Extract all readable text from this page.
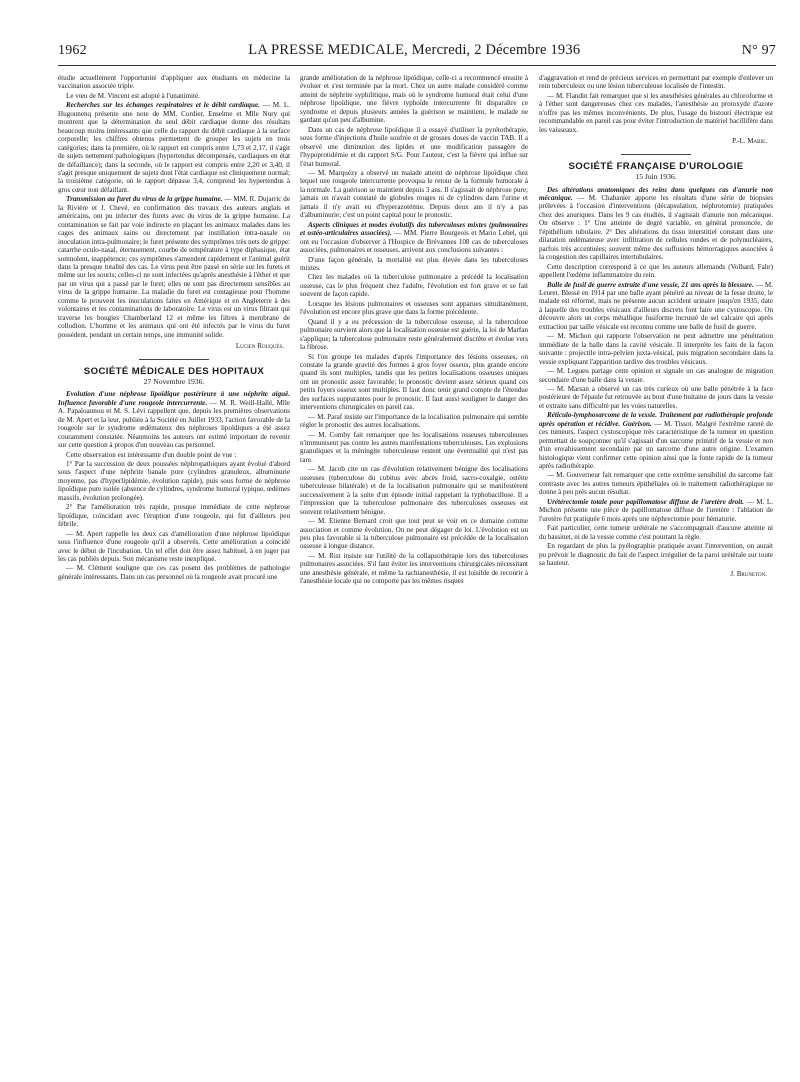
1962	LA PRESSE MEDICALE, Mercredi, 2 Décembre 1936	N° 97

étudie actuellement l'opportunité d'appliquer aux étudiants en médecine la vaccination associée triple.

Le vœu de M. Vincent est adopté à l'unanimité.

Recherches sur les échanges respiratoires et le débit cardiaque. — M. L. Hugounenq présente une note de MM. Cordier, Enselme et Mlle Nury qui montrent que la détermination du seul débit cardiaque donne des résultats beaucoup moins intéressants que celle du rapport du débit cardiaque à la surface corporelle; les chiffres obtenus permettent de grouper les sujets en trois catégories; dans la première, où le rapport est compris entre 1,73 et 2,17, il s'agit de sujets nettement pathologiques (hypertendus décompensés, cardiaques en état de défaillance); dans la seconde, où le rapport est compris entre 2,20 et 3,40, il s'agit presque uniquement de sujets dont l'état cardiaque est cliniquement normal; la troisième catégorie, où le rapport dépasse 3,4, comprend les hypertendus à gros cœur non défaillant.

Transmission au furet du virus de la grippe humaine. — MM. R. Dujarric de la Rivière et J. Chevé, en confirmation des travaux des auteurs anglais et américains, ont pu infecter des furets avec du virus de la grippe humaine. La contamination se fait par voie indirecte en plaçant les animaux malades dans les cages des animaux sains ou directement par instillation intra-nasale ou inoculation intra-pulmonaire; le furet présente des symptômes très nets de grippe: catarrhe oculo-nasal, éternuement, courbe de température à type diphasique, état somnolent, inappétence; ces symptômes s'amendent rapidement et l'animal guérit dans la presque totalité des cas. Le virus peut être passé en série sur les furets et même sur les souris; celles-ci ne sont infectées qu'après anesthésie à l'éther et que par un virus qui a passé par le furet; elles ne sont pas directement sensibles au virus de la grippe humaine. La maladie du furet est contagieuse pour l'homme comme le prouvent les inoculations faites en Amérique et en Angleterre à des volontaires et les contaminations de laboratoire. Le virus est un virus filtrant qui traverse les bougies Chamberland 12 et même les filtres à membrane de collodion. L'homme et les animaux qui ont été infectés par le virus du furet possèdent, pendant un certain temps, une immunité solide.

Lucien Rouquès.

SOCIÉTÉ MÉDICALE DES HOPITAUX
27 Novembre 1936.

Evolution d'une néphrose lipoïdique postérieure à une néphrite aiguë. Influence favorable d'une rougeole intercurrente. — M. R. Weill-Hallé, Mlle A. Papaïoannou et M. S. Lévi rappellent que, depuis les premières observations de M. Apert et la leur, publiée à la Société en Juillet 1933, l'action favorable de la rougeole sur le syndrome œdémateux des néphroses lipoïdiques a été assez couramment constatée. Néanmoins les auteurs ont estimé important de revenir sur cette question à propos d'un nouveau cas personnel.

Cette observation est intéressante d'un double point de vue :

1° Par la succession de deux poussées néphropathiques ayant évolué d'abord sous l'aspect d'une néphrite banale pure (cylindres granuleux, albuminurie moyenne, pas d'hyperlipidémie, évolution rapide), puis sous forme de néphrose lipoïdique pure isolée (absence de cylindres, syndrome humoral typique, œdèmes massifs, évolution prolongée).

2° Par l'amélioration très rapide, presque immédiate de cette néphrose lipoïdique, coïncidant avec l'éruption d'une rougeole, qui fut d'ailleurs peu fébrile.

— M. Apert rappelle les deux cas d'amélioration d'une néphrose lipoïdique sous l'influence d'une rougeole qu'il a observés. Cette amélioration a coïncidé avec le début de l'incubation. Un tel effet doit être assez habituel, à en juger par les cas publiés depuis. Son mécanisme reste inexpliqué.

— M. Clément souligne que ces cas posent des problèmes de pathologie générale intéressants. Dans un cas personnel où la rougeole avait procuré une

grande amélioration de la néphrose lipoïdique, celle-ci a recommencé ensuite à évoluer et s'est terminée par la mort. Chez un autre malade considéré comme atteint de néphrite syphilitique, mais où le syndrome humoral était celui d'une néphrose lipoïdique, une fièvre typhoïde intercurrente fit disparaître ce syndrome et depuis plusieurs années la guérison se maintient, le malade ne gardant qu'un peu d'albumine.

Dans un cas de néphrose lipoïdique il a essayé d'utiliser la pyrétothérapie, sous forme d'injections d'huile soufrée et de grosses doses de vaccin TAB. Il a observé une diminution des lipides et une modification passagère de l'hypoprotidémie et du rapport S/G. Pour l'auteur, c'est la fièvre qui influe sur l'état humoral.

— M. Marquézy a observé un malade atteint de néphrose lipoïdique chez lequel une rougeole intercurrente provoqua le retour de la formule humorale à la normale. La guérison se maintient depuis 3 ans. Il s'agissait de néphrose pure; jamais on n'avait constaté de globules rouges ni de cylindres dans l'urine et jamais il n'y avait eu d'hyperazotémie. Depuis deux ans il n'y a pas d'albuminurie; c'est un point capital pour le pronostic.

Aspects cliniques et modes évolutifs des tuberculoses mixtes (pulmonaires et ostéo-articulaires associées). — MM. Pierre Bourgeois et Mario Lebel, qui ont eu l'occasion d'observer à l'Hospice de Brévannes 108 cas de tuberculoses associées, pulmonaires et osseuses, arrivent aux conclusions suivantes :

D'une façon générale, la mortalité est plus élevée dans les tuberculoses mixtes.

Chez les malades où la tuberculose pulmonaire a précédé la localisation osseuse, cas le plus fréquent chez l'adulte, l'évolution est fort grave et se fait souvent de façon rapide.

Lorsque les lésions pulmonaires et osseuses sont apparues simultanément, l'évolution est encore plus grave que dans la forme précédente.

Quand il y a eu précession de la tuberculose osseuse, si la tuberculose pulmonaire survient alors que la localisation osseuse est guérie, la loi de Marfan s'applique; la tuberculose pulmonaire reste généralement discrète et évolue vers la fibrose.

Si l'on groupe les malades d'après l'importance des lésions osseuses, on constate la grande gravité des formes à gros foyer osseux, plus grande encore quand ils sont multiples, tandis que les petites localisations osseuses uniques ont un pronostic assez favorable; le pronostic devient assez sérieux quand ces petits foyers osseux sont multiples. Il faut donc tenir grand compte de l'étendue des surfaces suppurantes pour le pronostic. Il faut aussi souligner le danger des interventions chirurgicales en pareil cas.

— M. Paraf insiste sur l'importance de la localisation pulmonaire qui semble régler le pronostic des autres localisations.

— M. Comby fait remarquer que les localisations osseuses tuberculeuses n'immunisent pas contre les autres manifestations tuberculeuses. Les explosions granuliques et la méningite tuberculeuse restent une éventualité qui n'est pas rare.

— M. Jacob cite un cas d'évolution relativement bénigne des localisations osseuses (tuberculose du cubitus avec abcès froid, sacro-coxalgie, ostéite tuberculeuse bilatérale) et de la localisation pulmonaire qui se manifestèrent successivement à la suite d'un épisode initial rappelant la typhobacillose. Il a l'impression que la tuberculose pulmonaire des tuberculoses osseuses est souvent relativement bénigne.

— M. Etienne Bernard croit que tout peut se voir en ce domaine comme association et comme évolution. On ne peut dégager de loi. L'évolution est un peu plus favorable si la tuberculose pulmonaire est précédée de la localisation osseuse à longue distance.

— M. Rist insiste sur l'utilité de la collapsothérapie lors des tuberculoses pulmonaires associées. S'il faut éviter les interventions chirurgicales nécessitant une anesthésie générale, et même la rachianesthésie, il est loisible de recourir à l'anesthésie locale qui ne comporte pas les mêmes risques

d'aggravation et rend de précieux services en permettant par exemple d'enlever un rein tuberculeux ou une lésion tuberculeuse localisée de l'intestin.

— M. Flandin fait remarquer que si les anesthésies générales au chloroforme et à l'éther sont dangereuses chez ces malades, l'anesthésie au protoxyde d'azote n'offre pas les mêmes inconvénients. De plus, l'usage du bistouri électrique est recommandable en pareil cas pour éviter l'introduction de matériel bacillifère dans les vaisseaux.

P.-L. Marie.

SOCIÉTÉ FRANÇAISE D'UROLOGIE
15 Juin 1936.

Des altérations anatomiques des reins dans quelques cas d'anurie non mécanique. — M. Chabanier apporte les résultats d'une série de biopsies prélevées à l'occasion d'interventions (décapsulation, néphrotomie) pratiquées chez des anuriques. Dans les 9 cas étudiés, il s'agissait d'anurie non mécanique. On observe : 1° Une atteinte de degré variable, en général prononcée, de l'épithélium tubulaire. 2° Des altérations du tissu interstitiel constant dans une dilatation œdémateuse avec infiltration de cellules rondes et de polynucléaires, parfois très accentuées; souvent même des suffusions hémorragiques associées à la congestion des capillaires intertubulaires.

Cette description correspond à ce que les auteurs allemands (Volhard, Fahr) appellent l'œdème inflammatoire du rein.

Balle de fusil de guerre extraite d'une vessie, 21 ans après la blessure. — M. Leuret. Blessé en 1914 par une balle ayant pénétré au niveau de la fesse droite, le malade est réformé, mais ne présente aucun accident urinaire jusqu'en 1935, date à laquelle des troubles vésicaux d'ailleurs discrets font faire une cystoscopie. On découvre alors un corps métallique fusiforme incrusté de sel calcaire qui après extraction par taille vésicale est reconnu comme une balle de fusil de guerre.

— M. Michon qui rapporte l'observation ne peut admettre une pénétration immédiate de la balle dans la cavité vésicale. Il interprète les faits de la façon suivante : projectile intra-pelvien juxta-vésical, puis migration secondaire dans la vessie expliquant l'apparition tardive des troubles vésicaux.

— M. Legueu partage cette opinion et signale un cas analogue de migration secondaire d'une balle dans la vessie.

— M. Marsan a observé un cas très curieux où une balle pénétrée à la face postérieure de l'épaule fut retrouvée au bout d'une huitaine de jours dans la vessie et extraite sans difficulté par les voies naturelles.

Réticulo-lymphosarcome de la vessie. Traitement par radiothérapie profonde après opération et récidive. Guérison. — M. Tissot. Malgré l'extrême rareté de ces tumeurs, l'aspect cystoscopique très caractéristique de la tumeur en question permettait de soupçonner qu'il s'agissait d'un sarcome primitif de la vessie et non d'un envahissement secondaire par un sarcome d'une autre origine. L'examen histologique vient confirmer cette opinion ainsi que la fonte rapide de la tumeur après radiothérapie.

— M. Gouverneur fait remarquer que cette extrême sensibilité du sarcome fait contraste avec les autres tumeurs épithéliales où le traitement radiothérapique ne donne à peu près aucun résultat.

Urétérectomie totale pour papillomatose diffuse de l'uretère droit. — M. L. Michon présente une pièce de papillomatose diffuse de l'uretère : l'ablation de l'uretère fut pratiquée 6 mois après une néphrectomie pour hématurie.

Fait particulier, cette tumeur urétérale ne s'accompagnait d'aucune atteinte ni du bassinet, ni de la vessie comme c'est pourtant la règle.

En regardant de plus la pyélographie pratiquée avant l'intervention, on aurait pu prévoir le diagnostic du fait de l'aspect irrégulier de la paroi urétérale sur toute sa hauteur.

J. Bruneton.
